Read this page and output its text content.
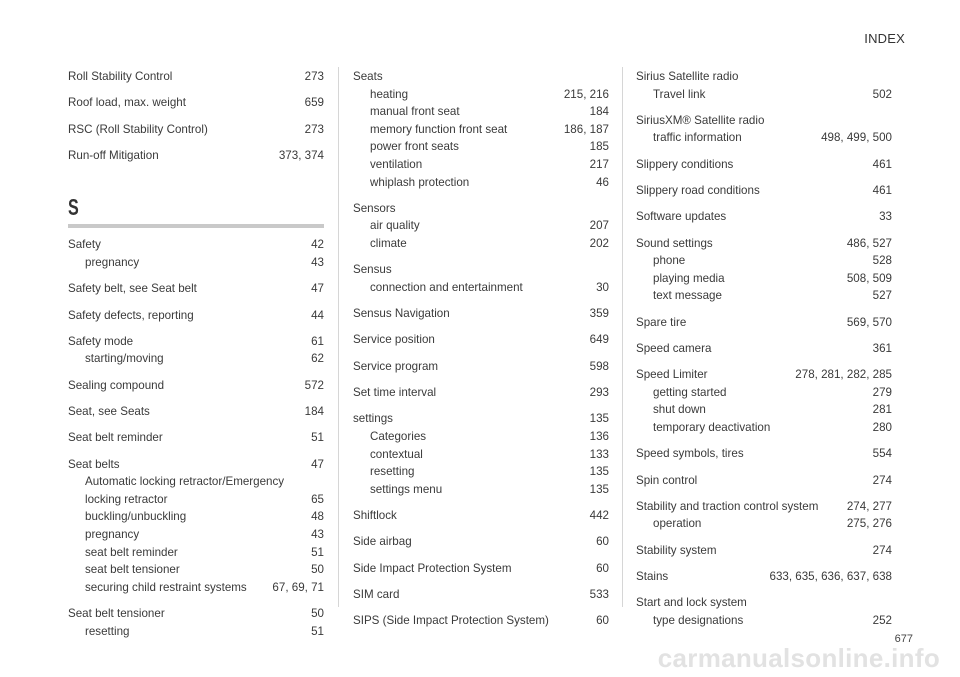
INDEX
Roll Stability Control	273
Roof load, max. weight	659
RSC (Roll Stability Control)	273
Run-off Mitigation	373, 374
S
Safety	42
pregnancy	43
Safety belt, see Seat belt	47
Safety defects, reporting	44
Safety mode	61
starting/moving	62
Sealing compound	572
Seat, see Seats	184
Seat belt reminder	51
Seat belts	47
Automatic locking retractor/Emergency
locking retractor	65
buckling/unbuckling	48
pregnancy	43
seat belt reminder	51
seat belt tensioner	50
securing child restraint systems	67, 69, 71
Seat belt tensioner	50
resetting	51
Seats
heating	215, 216
manual front seat	184
memory function front seat	186, 187
power front seats	185
ventilation	217
whiplash protection	46
Sensors
air quality	207
climate	202
Sensus
connection and entertainment	30
Sensus Navigation	359
Service position	649
Service program	598
Set time interval	293
settings	135
Categories	136
contextual	133
resetting	135
settings menu	135
Shiftlock	442
Side airbag	60
Side Impact Protection System	60
SIM card	533
SIPS (Side Impact Protection System)	60
Sirius Satellite radio
Travel link	502
SiriusXM® Satellite radio
traffic information	498, 499, 500
Slippery conditions	461
Slippery road conditions	461
Software updates	33
Sound settings	486, 527
phone	528
playing media	508, 509
text message	527
Spare tire	569, 570
Speed camera	361
Speed Limiter	278, 281, 282, 285
getting started	279
shut down	281
temporary deactivation	280
Speed symbols, tires	554
Spin control	274
Stability and traction control system	274, 277
operation	275, 276
Stability system	274
Stains	633, 635, 636, 637, 638
Start and lock system
type designations	252
677
carmanualsonline.info
